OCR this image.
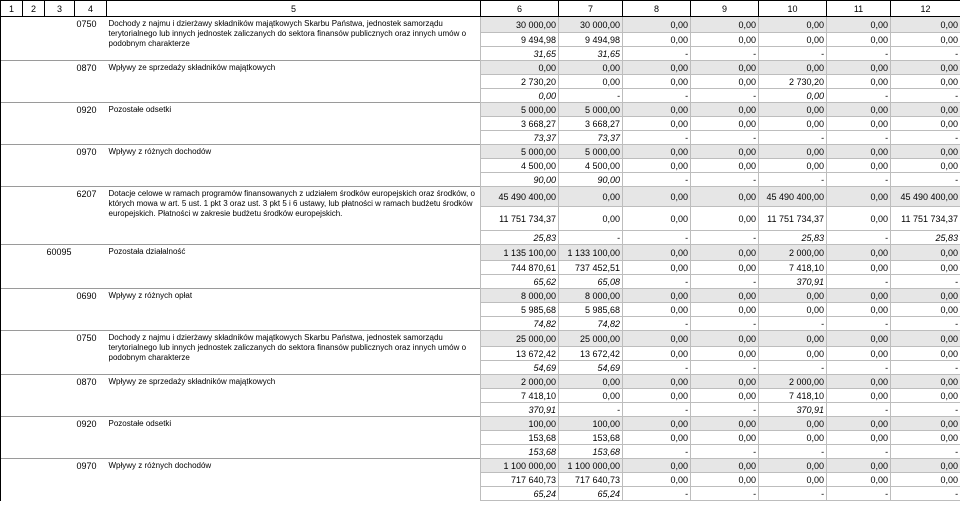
1	2	3	4	5	6	7	8	9	10	11	12
			0750	Dochody z najmu i dzierżawy składników majątkowych Skarbu Państwa, jednostek samorządu terytorialnego lub innych jednostek zaliczanych do sektora finansów publicznych oraz innych umów o podobnym charakterze	30 000,00	30 000,00	0,00	0,00	0,00	0,00	0,00
					9 494,98	9 494,98	0,00	0,00	0,00	0,00	0,00
					31,65	31,65	-	-	-	-	-
			0870	Wpływy ze sprzedaży składników majątkowych	0,00	0,00	0,00	0,00	0,00	0,00	0,00
					2 730,20	0,00	0,00	0,00	2 730,20	0,00	0,00
					0,00	-	-	-	0,00	-	-
			0920	Pozostałe odsetki	5 000,00	5 000,00	0,00	0,00	0,00	0,00	0,00
					3 668,27	3 668,27	0,00	0,00	0,00	0,00	0,00
					73,37	73,37	-	-	-	-	-
			0970	Wpływy z różnych dochodów	5 000,00	5 000,00	0,00	0,00	0,00	0,00	0,00
					4 500,00	4 500,00	0,00	0,00	0,00	0,00	0,00
					90,00	90,00	-	-	-	-	-
			6207	Dotacje celowe w ramach programów finansowanych z udziałem środków europejskich oraz środków, o których mowa w art. 5 ust. 1 pkt 3 oraz ust. 3 pkt 5 i 6 ustawy, lub płatności w ramach budżetu środków europejskich. Płatności w zakresie budżetu środków europejskich.	45 490 400,00	0,00	0,00	0,00	45 490 400,00	0,00	45 490 400,00
					11 751 734,37	0,00	0,00	0,00	11 751 734,37	0,00	11 751 734,37
					25,83	-	-	-	25,83	-	25,83
		60095		Pozostała działalność	1 135 100,00	1 133 100,00	0,00	0,00	2 000,00	0,00	0,00
					744 870,61	737 452,51	0,00	0,00	7 418,10	0,00	0,00
					65,62	65,08	-	-	370,91	-	-
			0690	Wpływy z różnych opłat	8 000,00	8 000,00	0,00	0,00	0,00	0,00	0,00
					5 985,68	5 985,68	0,00	0,00	0,00	0,00	0,00
					74,82	74,82	-	-	-	-	-
			0750	Dochody z najmu i dzierżawy składników majątkowych Skarbu Państwa, jednostek samorządu terytorialnego lub innych jednostek zaliczanych do sektora finansów publicznych oraz innych umów o podobnym charakterze	25 000,00	25 000,00	0,00	0,00	0,00	0,00	0,00
					13 672,42	13 672,42	0,00	0,00	0,00	0,00	0,00
					54,69	54,69	-	-	-	-	-
			0870	Wpływy ze sprzedaży składników majątkowych	2 000,00	0,00	0,00	0,00	2 000,00	0,00	0,00
					7 418,10	0,00	0,00	0,00	7 418,10	0,00	0,00
					370,91	-	-	-	370,91	-	-
			0920	Pozostałe odsetki	100,00	100,00	0,00	0,00	0,00	0,00	0,00
					153,68	153,68	0,00	0,00	0,00	0,00	0,00
					153,68	153,68	-	-	-	-	-
			0970	Wpływy z różnych dochodów	1 100 000,00	1 100 000,00	0,00	0,00	0,00	0,00	0,00
					717 640,73	717 640,73	0,00	0,00	0,00	0,00	0,00
					65,24	65,24	-	-	-	-	-
